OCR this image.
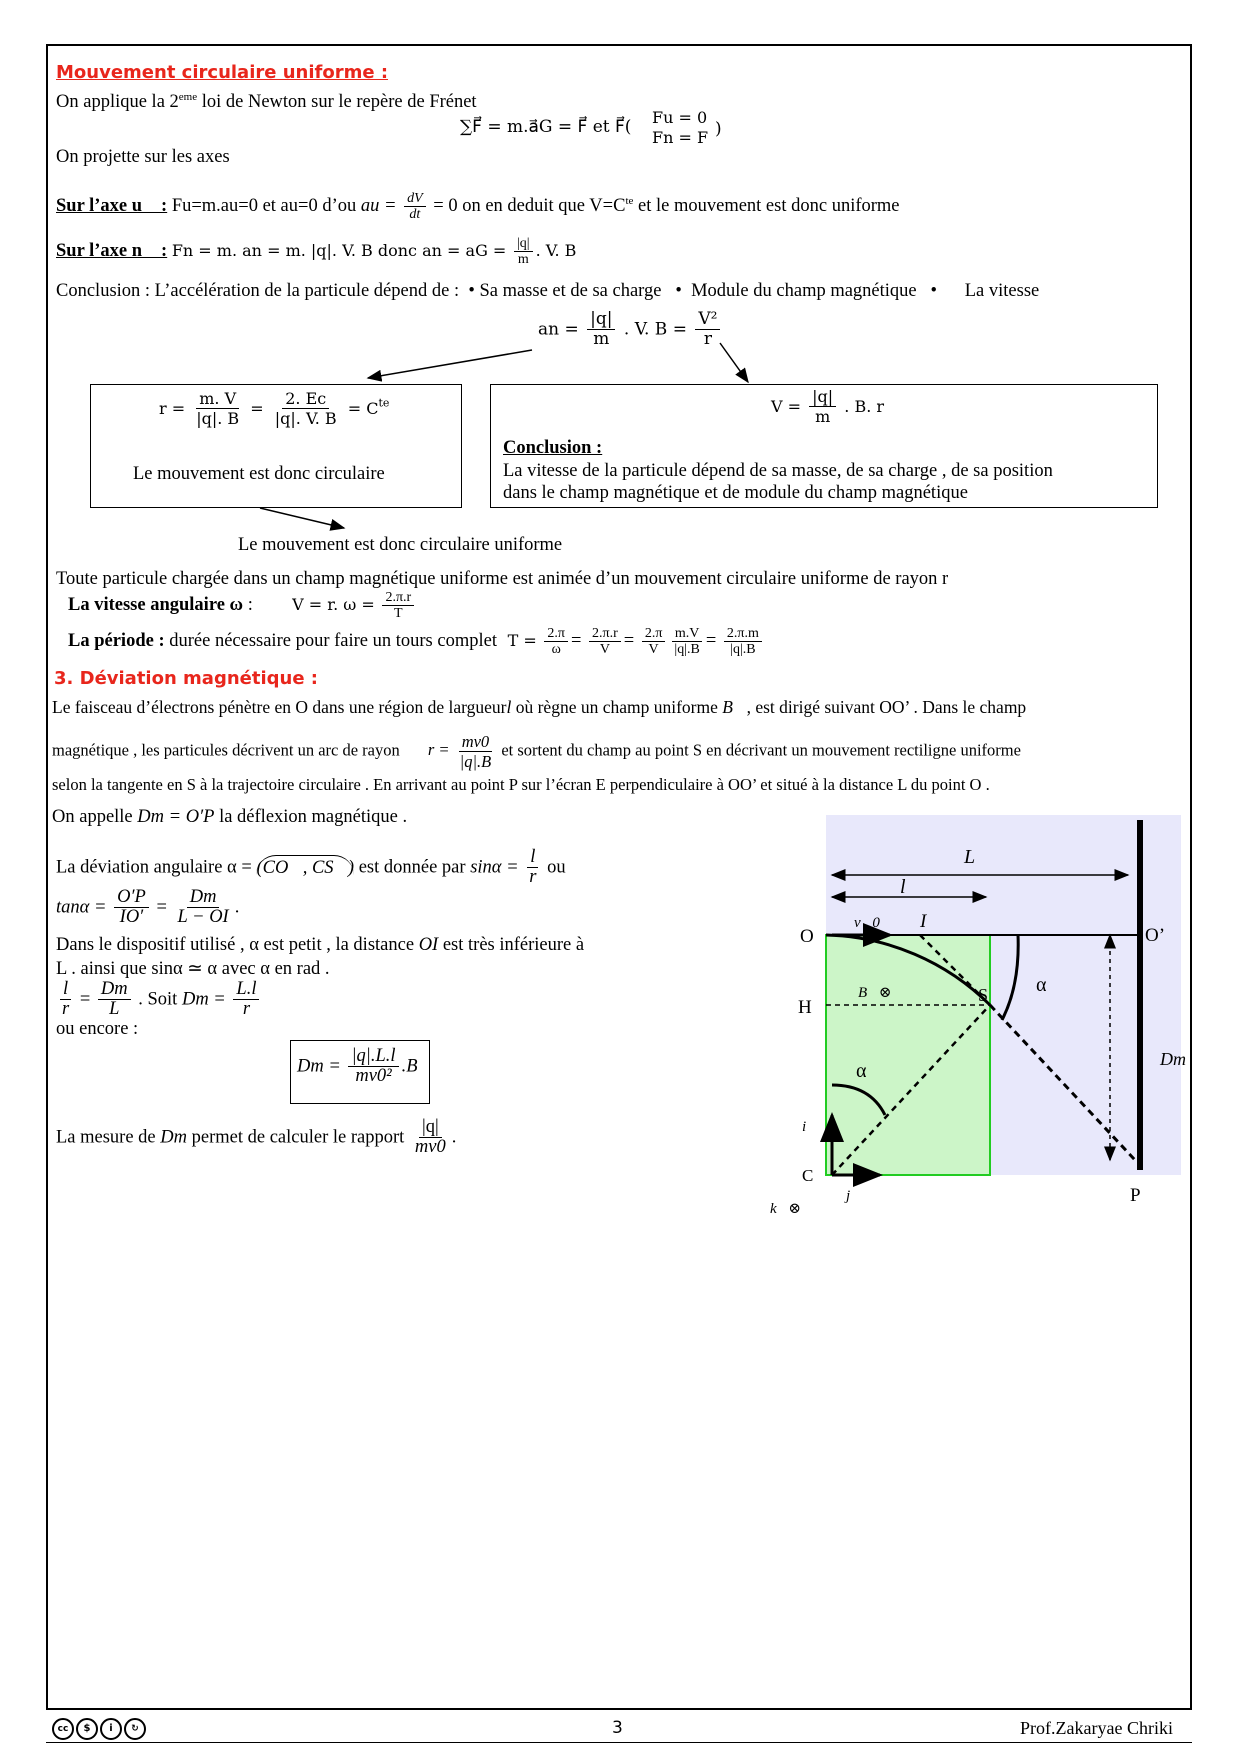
Mouvement circulaire uniforme :
On applique la 2eme loi de Newton sur le repère de Frénet
∑F⃗ = m.a⃗G = F⃗ et F⃗( Fu = 0
Fn = F )
On projette sur les axes
Sur l’axe u⃗ : Fu=m.au=0 et au=0 d’ou au = $\frac{dV}{dt} = 0$ on en deduit que $V=C^{te}$ et le mouvement est donc uniforme
Sur l’axe n⃗ : Fn = m. an = m. |q|. V. B donc an = aG = $\frac{|q|}{m}$ . V. B
Conclusion : L’accélération de la particule dépend de :  • Sa masse et de sa charge   •  Module du champ magnétique   •      La vitesse
an = $\frac{|q|}{m}$ . V. $B = \frac{\text{V²}}{r}$
$r = \frac{m. V}{|q|. B} = \frac{2. Ec}{|q|. V. B} = C^{te}$
Le mouvement est donc circulaire
$V = \frac{|q|}{m}$ . B. r
Conclusion :
La vitesse de la particule dépend de sa masse, de sa charge , de sa position
dans le champ magnétique et de module du champ magnétique
Le mouvement est donc circulaire uniforme
Toute particule chargée dans un champ magnétique uniforme est animée d’un mouvement circulaire uniforme de rayon r
La vitesse angulaire ω : V = r. $\omega = \frac{2.\pi.r}{T}$
La période : durée nécessaire pour faire un tours complet $T = \frac{2.\pi}{\omega} = \frac{2.\pi.r}{V} = \frac{2.\pi}{V} \frac{m.V}{|q|.B} = \frac{2.\pi.m}{|q|.B}$
3. Déviation magnétique :
Le faisceau d’électrons pénètre en O dans une région de largueurl où règne un champ uniforme B⃗, est dirigé suivant OO’ . Dans le champ
magnétique , les particules décrivent un arc de rayon $r = \frac{mv0}{|q|.B}$ et sortent du champ au point S en décrivant un mouvement rectiligne uniforme
selon la tangente en S à la trajectoire circulaire . En arrivant au point P sur l’écran E perpendiculaire à OO’ et situé à la distance L du point O .
On appelle Dm = O′P la déflexion magnétique .
La déviation angulaire α = (CO⃗, CS⃗) est donnée par $\sin\alpha = \frac{l}{r}$ ou
$\tan\alpha = \frac{O'P}{IO'} = \frac{Dm}{L - OI}$ .
Dans le dispositif utilisé , α est petit , la distance OI est très inférieure à
L . ainsi que sinα ≃ α avec α en rad .
$\frac{l}{r} = \frac{Dm}{L}$ . Soit $Dm = \frac{L.l}{r}$
ou encore :
$Dm = \frac{|q|.L.l}{\text{mv0²}} .B$
La mesure de Dm permet de calculer le rapport $\frac{|q|}{mv0}$ .
L
l
O	O’
v⃗0 I
H
B⃗⊗	S α
α
Dm
i⃗
C
j⃗	P
k⃗⊗
cc	$	i	↻	3	Prof.Zakaryae Chriki
